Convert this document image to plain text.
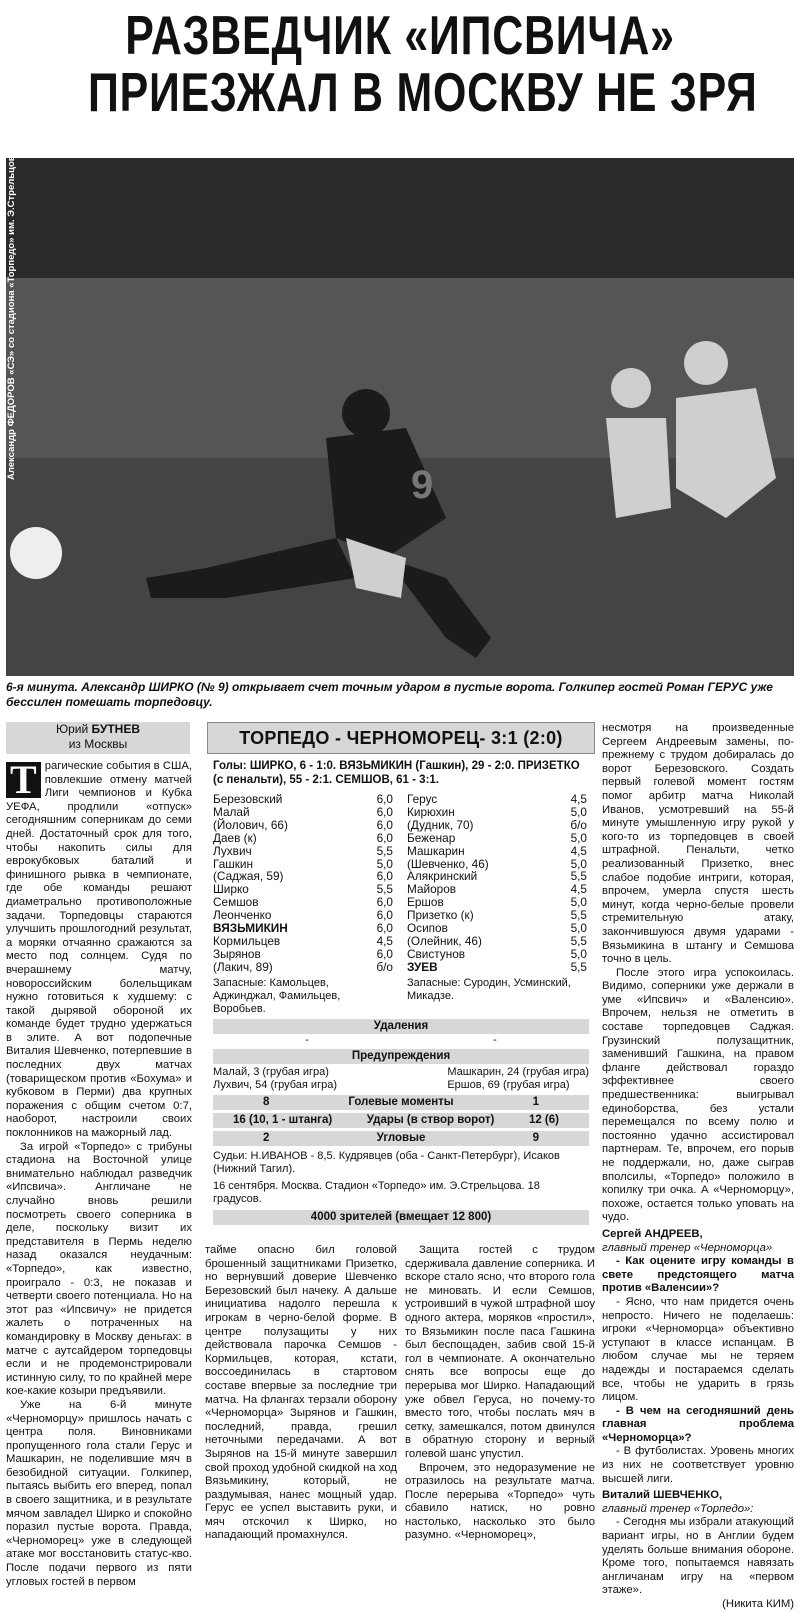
РАЗВЕДЧИК «ИПСВИЧА»
ПРИЕЗЖАЛ В МОСКВУ НЕ ЗРЯ
9
Александр ФЕДОРОВ «СЭ» со стадиона «Торпедо» им. Э.Стрельцова
6-я минута. Александр ШИРКО (№ 9) открывает счет точным ударом в пустые ворота. Голкипер гостей Роман ГЕРУС уже бессилен помешать торпедовцу.
Юрий БУТНЕВ
из Москвы
Т рагические события в США, повлекшие отмену матчей Лиги чемпионов и Кубка УЕФА, продлили «отпуск» сегодняшним соперникам до семи дней. Достаточный срок для того, чтобы накопить силы для еврокубковых баталий и финишного рывка в чемпионате, где обе команды решают диаметрально противоположные задачи. Торпедовцы стараются улучшить прошлогодний результат, а моряки отчаянно сражаются за место под солнцем. Судя по вчерашнему матчу, новороссийским болельщикам нужно готовиться к худшему: с такой дырявой обороной их команде будет трудно удержаться в элите. А вот подопечные Виталия Шевченко, потерпевшие в последних двух матчах (товарищеском против «Бохума» и кубковом в Перми) два крупных поражения с общим счетом 0:7, наоборот, настроили своих поклонников на мажорный лад.

За игрой «Торпедо» с трибуны стадиона на Восточной улице внимательно наблюдал разведчик «Ипсвича». Англичане не случайно вновь решили посмотреть своего соперника в деле, поскольку визит их представителя в Пермь неделю назад оказался неудачным: «Торпедо», как известно, проиграло - 0:3, не показав и четверти своего потенциала. Но на этот раз «Ипсвичу» не придется жалеть о потраченных на командировку в Москву деньгах: в матче с аутсайдером торпедовцы если и не продемонстрировали истинную силу, то по крайней мере кое-какие козыри предъявили.

Уже на 6-й минуте «Черноморцу» пришлось начать с центра поля. Виновниками пропущенного гола стали Герус и Машкарин, не поделившие мяч в безобидной ситуации. Голкипер, пытаясь выбить его вперед, попал в своего защитника, и в результате мячом завладел Ширко и спокойно поразил пустые ворота. Правда, «Черноморец» уже в следующей атаке мог восстановить статус-кво. После подачи первого из пяти угловых гостей в первом

тайме опасно бил головой брошенный защитниками Призетко, но вернувший доверие Шевченко Березовский был начеку. А дальше инициатива надолго перешла к игрокам в черно-белой форме. В центре полузащиты у них действовала парочка Семшов - Кормильцев, которая, кстати, воссоединилась в стартовом составе впервые за последние три матча. На флангах терзали оборону «Черноморца» Зырянов и Гашкин, последний, правда, грешил неточными передачами. А вот Зырянов на 15-й минуте завершил свой проход удобной скидкой на ход Вязьмикину, который, не раздумывая, нанес мощный удар. Герус ее успел выставить руки, и мяч отскочил к Ширко, но нападающий промахнулся.

Защита гостей с трудом сдерживала давление соперника. И вскоре стало ясно, что второго гола не миновать. И если Семшов, устроивший в чужой штрафной шоу одного актера, моряков «простил», то Вязьмикин после паса Гашкина был беспощаден, забив свой 15-й гол в чемпионате. А окончательно снять все вопросы еще до перерыва мог Ширко. Нападающий уже обвел Геруса, но почему-то вместо того, чтобы послать мяч в сетку, замешкался, потом двинулся в обратную сторону и верный голевой шанс упустил.

Впрочем, это недоразумение не отразилось на результате матча. После перерыва «Торпедо» чуть сбавило натиск, но ровно настолько, насколько это было разумно. «Черноморец»,

ТОРПЕДО - ЧЕРНОМОРЕЦ- 3:1 (2:0)
Голы: ШИРКО, 6 - 1:0. ВЯЗЬМИКИН (Гашкин), 29 - 2:0. ПРИЗЕТКО (с пенальти), 55 - 2:1. СЕМШОВ, 61 - 3:1.
Березовский	6,0
Малай	6,0
(Йолович, 66)	6,0
Даев (к)	6,0
Лухвич	5,5
Гашкин	5,0
(Саджая, 59)	6,0
Ширко	5,5
Семшов	6,0
Леонченко	6,0
ВЯЗЬМИКИН	6,0
Кормильцев	4,5
Зырянов	6,0
(Лакич, 89)	б/о
Запасные: Камольцев, Аджинджал, Фамильцев, Воробьев.
Герус	4,5
Кирюхин	5,0
(Дудник, 70)	б/о
Беженар	5,0
Машкарин	4,5
(Шевченко, 46)	5,0
Алякринский	5,5
Майоров	4,5
Ершов	5,0
Призетко (к)	5,5
Осипов	5,0
(Олейник, 46)	5,5
Свистунов	5,0
ЗУЕВ	5,5
Запасные: Суродин, Усминский, Микадзе.
Удаления
-	-
Предупреждения
Малай, 3 (грубая игра)
Лухвич, 54 (грубая игра)
Машкарин, 24 (грубая игра)
Ершов, 69 (грубая игра)
8	Голевые моменты	1
16 (10, 1 - штанга)	Удары (в створ ворот)	12 (6)
2	Угловые	9
Судьи: Н.ИВАНОВ - 8,5. Кудрявцев (оба - Санкт-Петербург), Исаков (Нижний Тагил).
16 сентября. Москва. Стадион «Торпедо» им. Э.Стрельцова. 18 градусов.
4000 зрителей (вмещает 12 800)

несмотря на произведенные Сергеем Андреевым замены, по-прежнему с трудом добиралась до ворот Березовского. Создать первый голевой момент гостям помог арбитр матча Николай Иванов, усмотревший на 55-й минуте умышленную игру рукой у кого-то из торпедовцев в своей штрафной. Пенальти, четко реализованный Призетко, внес слабое подобие интриги, которая, впрочем, умерла спустя шесть минут, когда черно-белые провели стремительную атаку, закончившуюся двумя ударами - Вязьмикина в штангу и Семшова точно в цель.

После этого игра успокоилась. Видимо, соперники уже держали в уме «Ипсвич» и «Валенсию». Впрочем, нельзя не отметить в составе торпедовцев Саджая. Грузинский полузащитник, заменивший Гашкина, на правом фланге действовал гораздо эффективнее своего предшественника: выигрывал единоборства, без устали перемещался по всему полю и постоянно удачно ассистировал партнерам. Те, впрочем, его порыв не поддержали, но, даже сыграв вполсилы, «Торпедо» положило в копилку три очка. А «Черноморцу», похоже, остается только уповать на чудо.

Сергей АНДРЕЕВ,
главный тренер «Черноморца»

- Как оцените игру команды в свете предстоящего матча против «Валенсии»?

- Ясно, что нам придется очень непросто. Ничего не поделаешь: игроки «Черноморца» объективно уступают в классе испанцам. В любом случае мы не теряем надежды и постараемся сделать все, чтобы не ударить в грязь лицом.

- В чем на сегодняшний день главная проблема «Черноморца»?

- В футболистах. Уровень многих из них не соответствует уровню высшей лиги.

Виталий ШЕВЧЕНКО,
главный тренер «Торпедо»:

- Сегодня мы избрали атакующий вариант игры, но в Англии будем уделять больше внимания обороне. Кроме того, попытаемся навязать англичанам игру на «первом этаже».

(Никита КИМ)
